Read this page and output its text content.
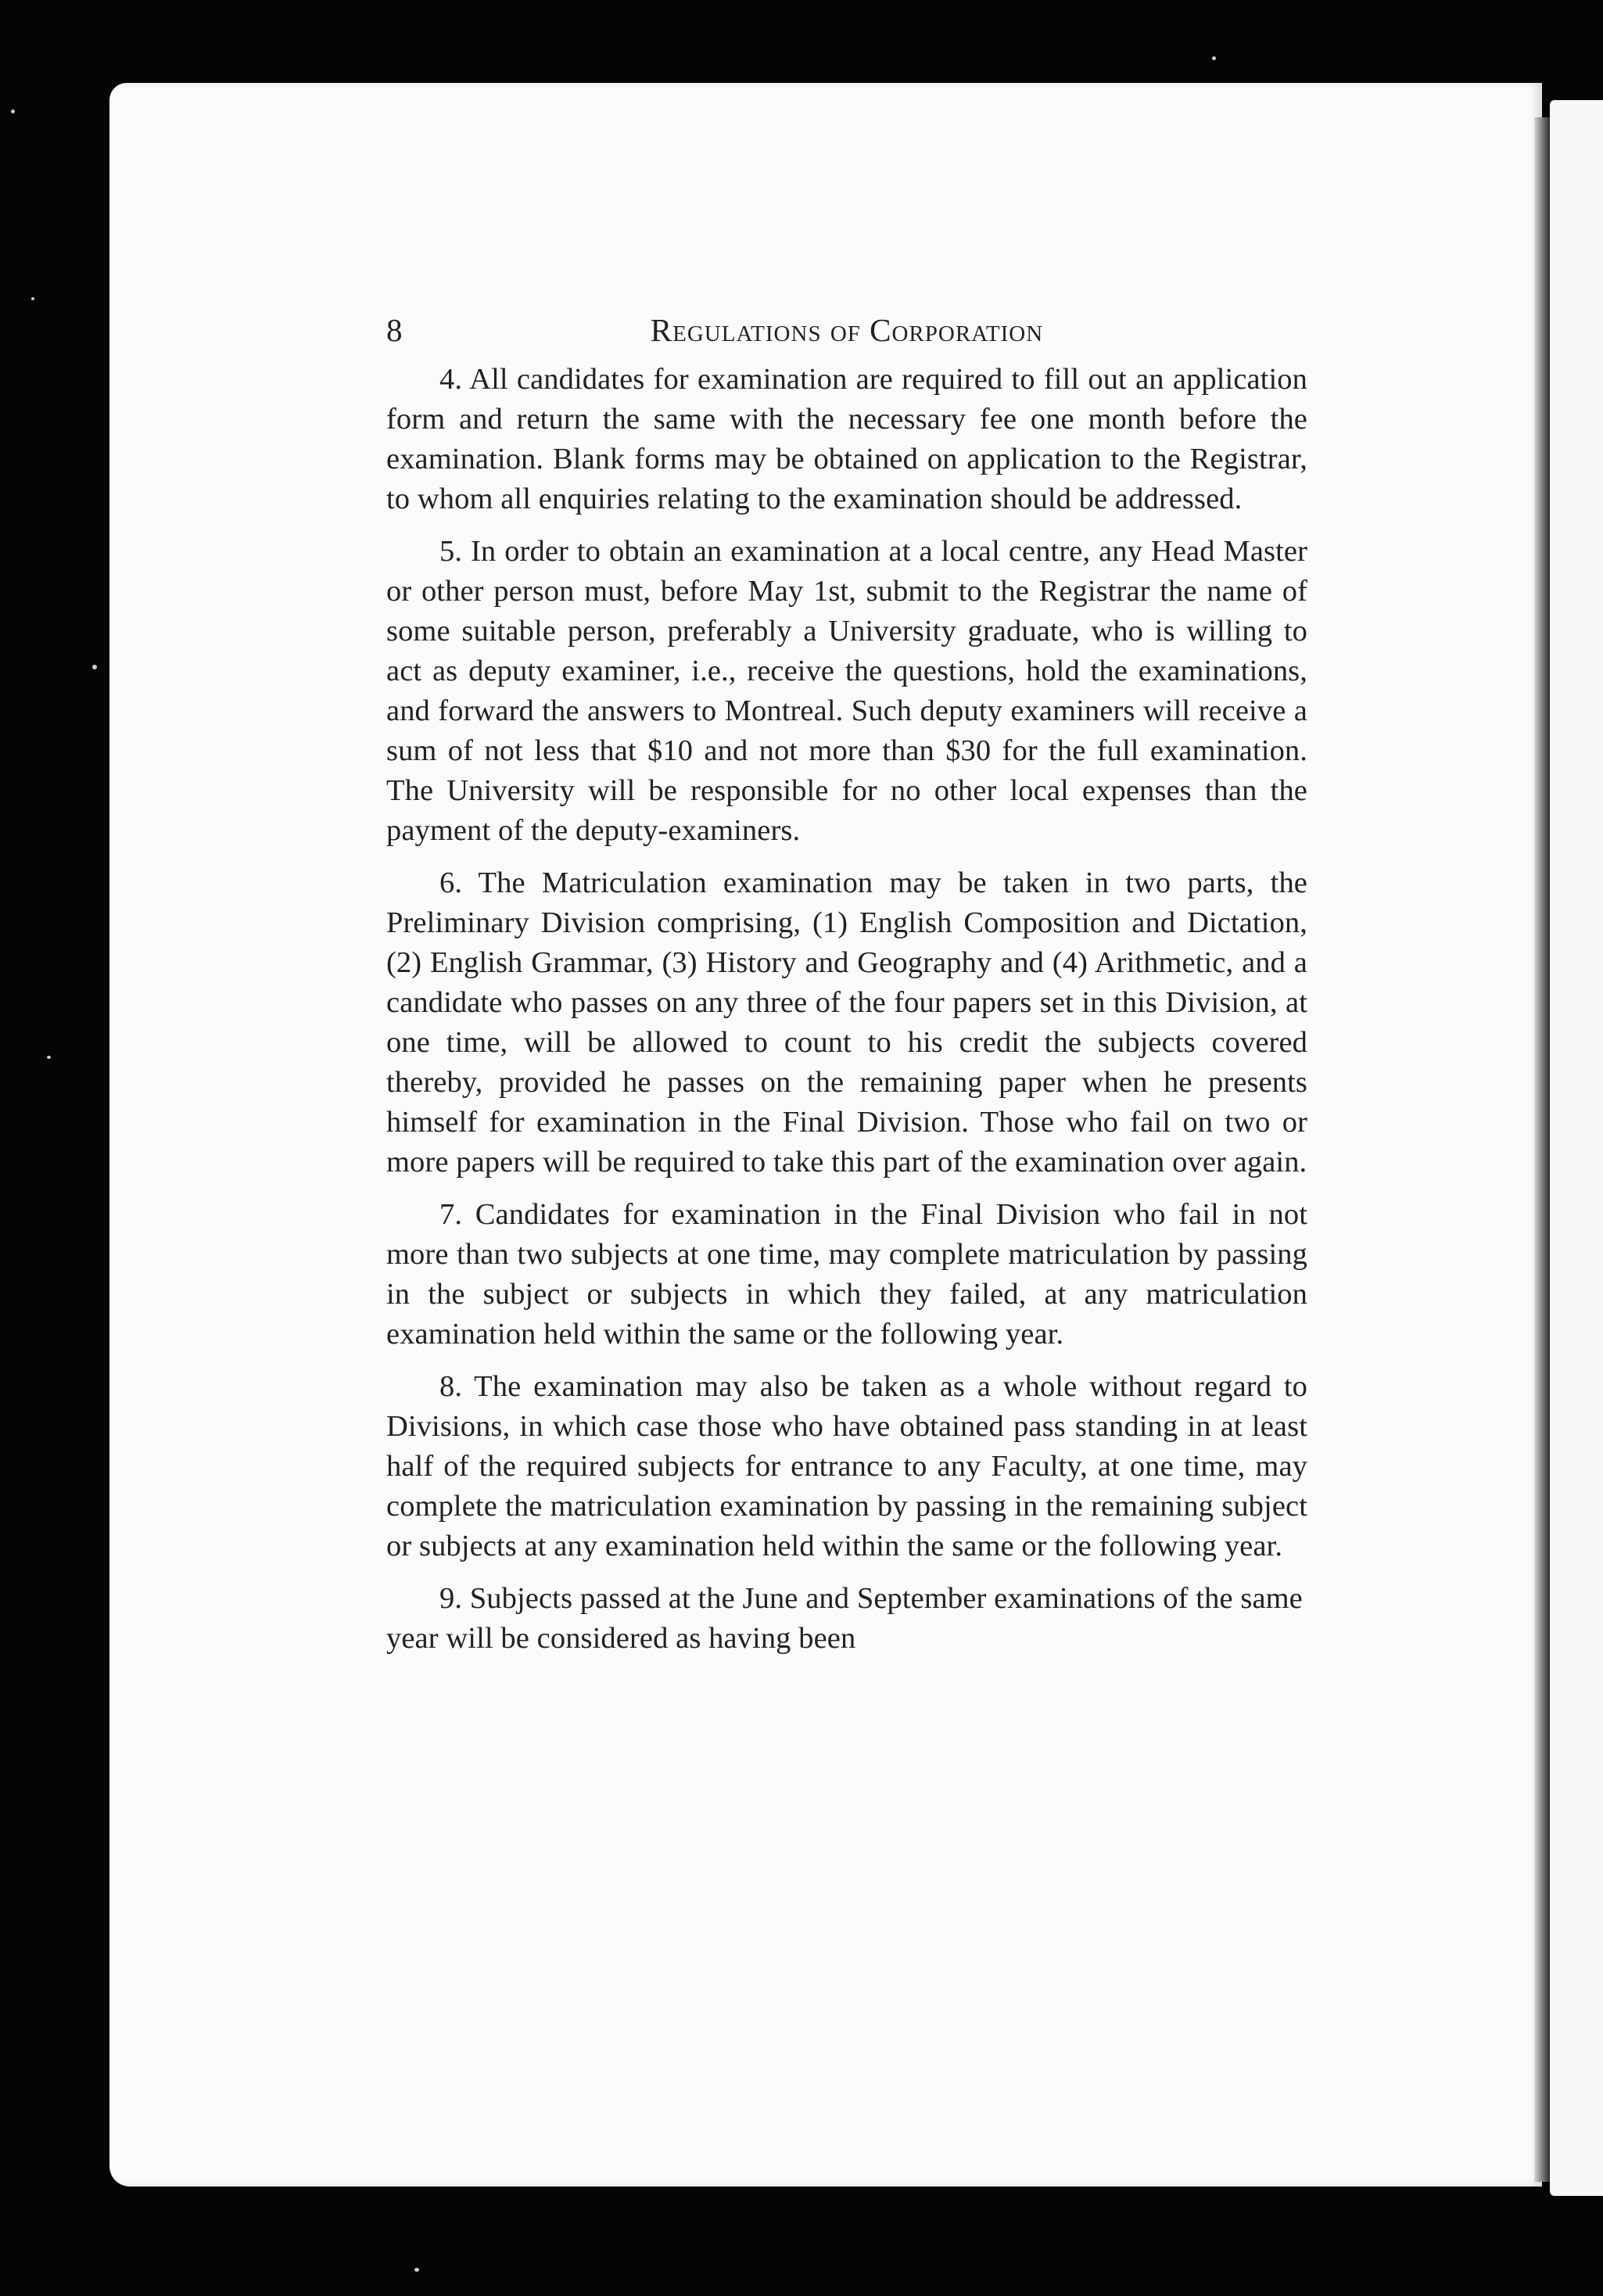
8	Regulations of Corporation

4. All candidates for examination are required to fill out an application form and return the same with the necessary fee one month before the examination. Blank forms may be obtained on application to the Registrar, to whom all enquiries relating to the examination should be addressed.

5. In order to obtain an examination at a local centre, any Head Master or other person must, before May 1st, submit to the Registrar the name of some suitable person, preferably a University graduate, who is willing to act as deputy examiner, i.e., receive the questions, hold the examinations, and forward the answers to Montreal. Such deputy examiners will receive a sum of not less that $10 and not more than $30 for the full examination. The University will be responsible for no other local expenses than the payment of the deputy-examiners.

6. The Matriculation examination may be taken in two parts, the Preliminary Division comprising, (1) English Composition and Dictation, (2) English Grammar, (3) History and Geography and (4) Arithmetic, and a candidate who passes on any three of the four papers set in this Division, at one time, will be allowed to count to his credit the subjects covered thereby, provided he passes on the remaining paper when he presents himself for examination in the Final Division. Those who fail on two or more papers will be required to take this part of the examination over again.

7. Candidates for examination in the Final Division who fail in not more than two subjects at one time, may complete matriculation by passing in the subject or subjects in which they failed, at any matriculation examination held within the same or the following year.

8. The examination may also be taken as a whole without regard to Divisions, in which case those who have obtained pass standing in at least half of the required subjects for entrance to any Faculty, at one time, may complete the matriculation examination by passing in the remaining subject or subjects at any examination held within the same or the following year.

9. Subjects passed at the June and September examinations of the same year will be considered as having been
